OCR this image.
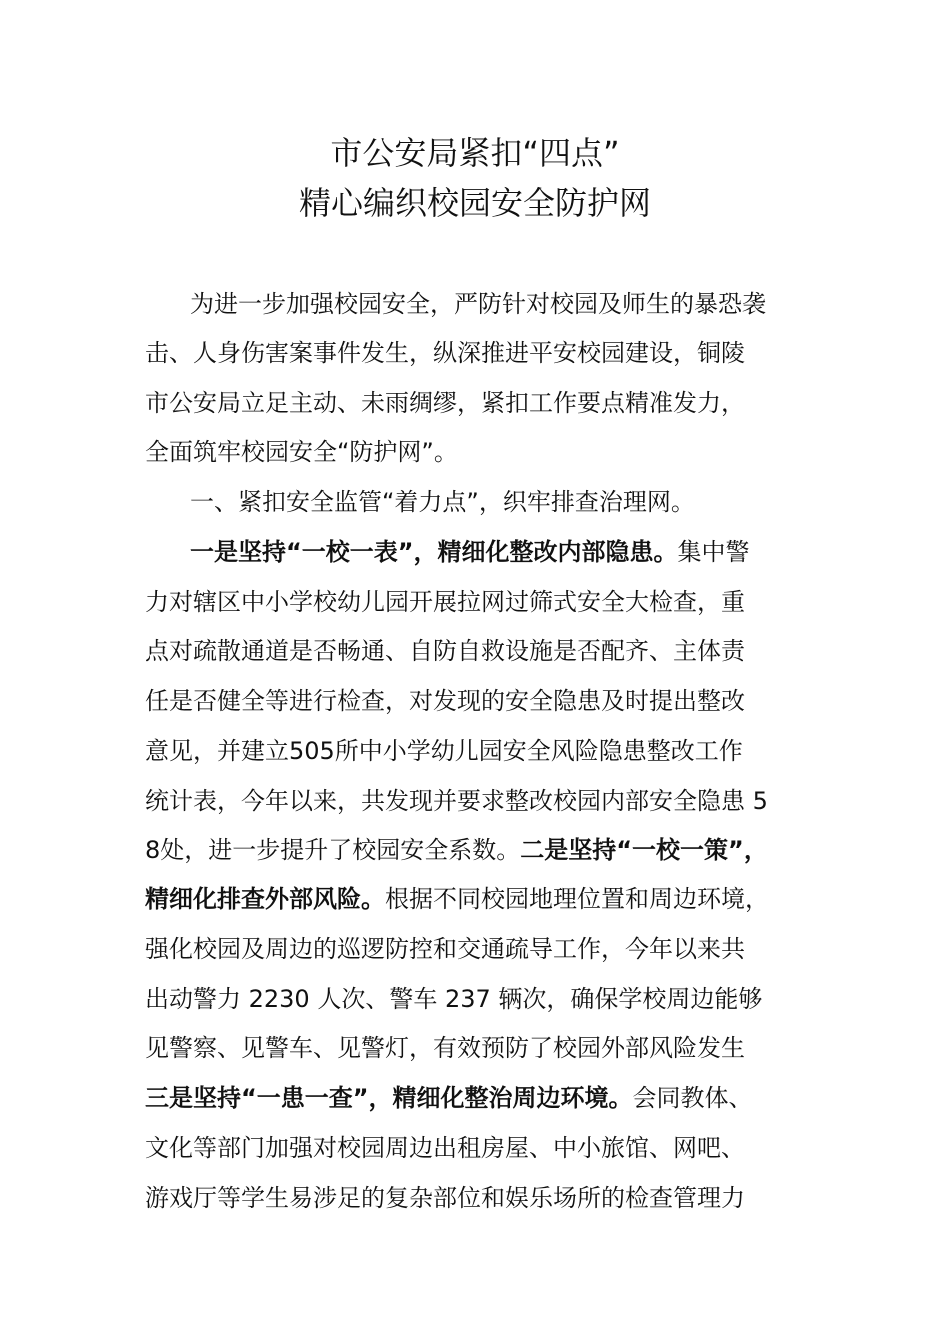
市公安局紧扣“四点”
精心编织校园安全防护网
为进一步加强校园安全，严防针对校园及师生的暴恐袭
击、人身伤害案事件发生，纵深推进平安校园建设，铜陵
市公安局立足主动、未雨绸缪，紧扣工作要点精准发力，
全面筑牢校园安全“防护网”。
一、紧扣安全监管“着力点”，织牢排查治理网。
一是坚持“一校一表”，精细化整改内部隐患。集中警
力对辖区中小学校幼儿园开展拉网过筛式安全大检查，重
点对疏散通道是否畅通、自防自救设施是否配齐、主体责
任是否健全等进行检查，对发现的安全隐患及时提出整改
意见，并建立505所中小学幼儿园安全风险隐患整改工作
统计表，今年以来，共发现并要求整改校园内部安全隐患 5
8处，进一步提升了校园安全系数。二是坚持“一校一策”，
精细化排查外部风险。根据不同校园地理位置和周边环境，
强化校园及周边的巡逻防控和交通疏导工作，今年以来共
出动警力 2230 人次、警车 237 辆次，确保学校周边能够
见警察、见警车、见警灯，有效预防了校园外部风险发生
三是坚持“一患一查”，精细化整治周边环境。会同教体、
文化等部门加强对校园周边出租房屋、中小旅馆、网吧、
游戏厅等学生易涉足的复杂部位和娱乐场所的检查管理力
